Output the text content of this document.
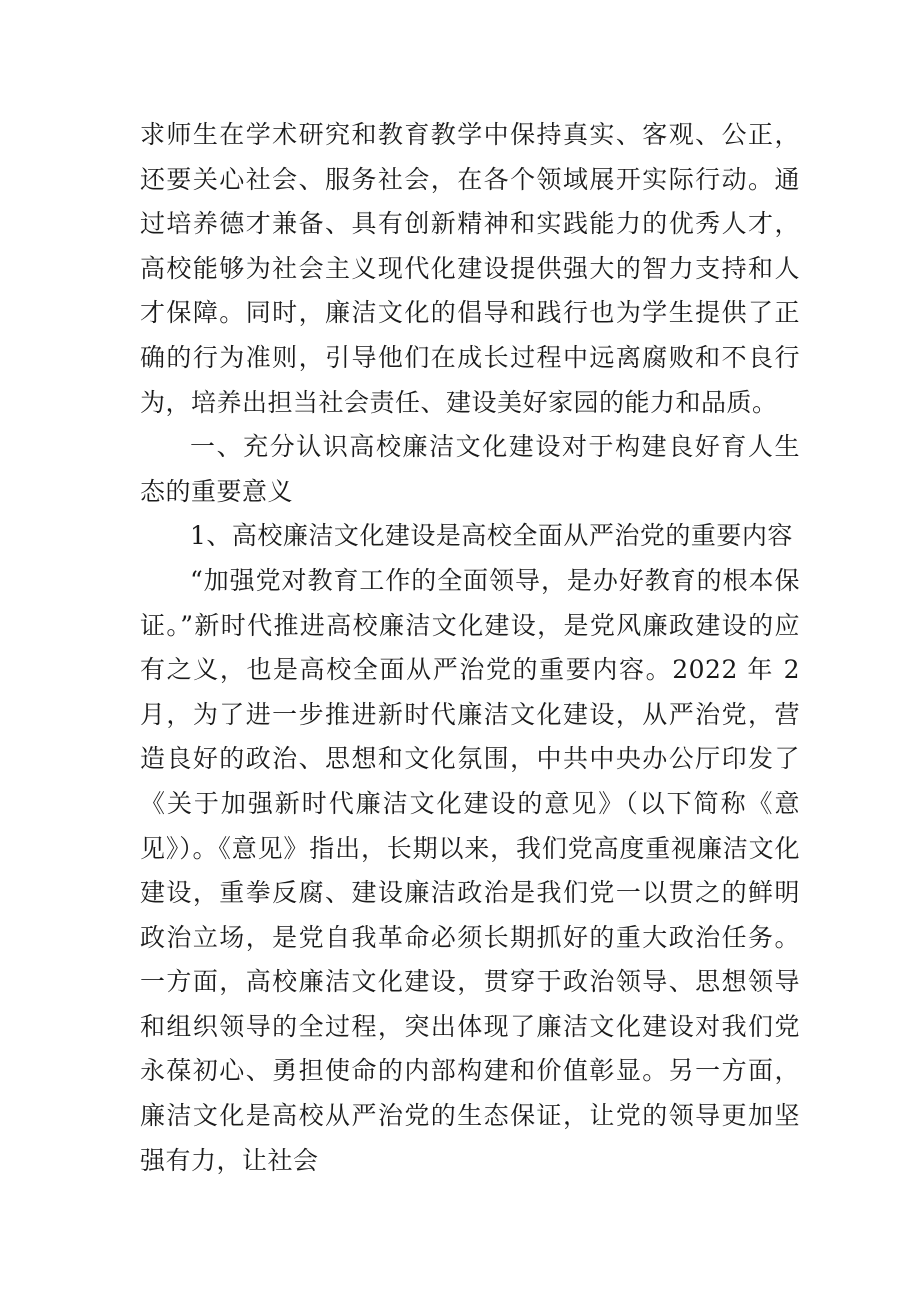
求师生在学术研究和教育教学中保持真实、客观、公正，还要关心社会、服务社会，在各个领域展开实际行动。通过培养德才兼备、具有创新精神和实践能力的优秀人才，高校能够为社会主义现代化建设提供强大的智力支持和人才保障。同时，廉洁文化的倡导和践行也为学生提供了正确的行为准则，引导他们在成长过程中远离腐败和不良行为，培养出担当社会责任、建设美好家园的能力和品质。

一、充分认识高校廉洁文化建设对于构建良好育人生态的重要意义

1、高校廉洁文化建设是高校全面从严治党的重要内容

“加强党对教育工作的全面领导，是办好教育的根本保证。”新时代推进高校廉洁文化建设，是党风廉政建设的应有之义，也是高校全面从严治党的重要内容。2022 年 2 月，为了进一步推进新时代廉洁文化建设，从严治党，营造良好的政治、思想和文化氛围，中共中央办公厅印发了《关于加强新时代廉洁文化建设的意见》（以下简称《意见》）。《意见》指出，长期以来，我们党高度重视廉洁文化建设，重拳反腐、建设廉洁政治是我们党一以贯之的鲜明政治立场，是党自我革命必须长期抓好的重大政治任务。一方面，高校廉洁文化建设，贯穿于政治领导、思想领导和组织领导的全过程，突出体现了廉洁文化建设对我们党永葆初心、勇担使命的内部构建和价值彰显。另一方面，廉洁文化是高校从严治党的生态保证，让党的领导更加坚强有力，让社会
